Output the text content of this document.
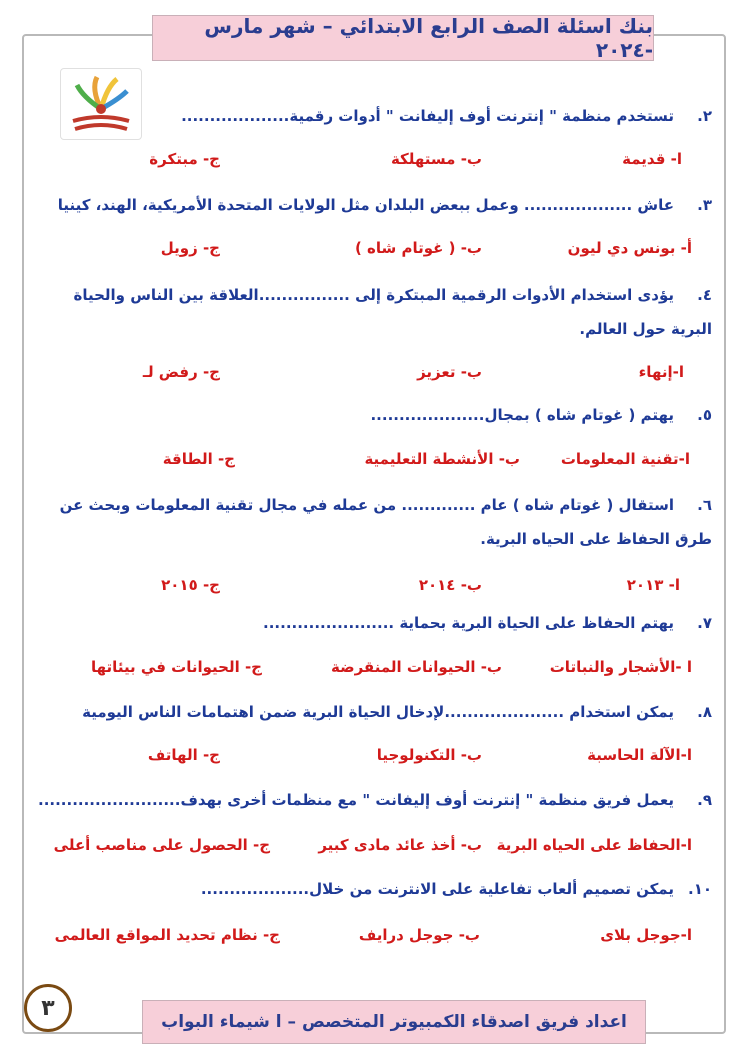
بنك اسئلة الصف الرابع الابتدائي – شهر مارس -٢٠٢٤
٢.تستخدم منظمة " إنترنت أوف إليفانت " أدوات رقمية...................
ا- قديمة
ب- مستهلكة
ج- مبتكرة
٣.عاش ................... وعمل ببعض البلدان مثل الولايات المتحدة الأمريكية، الهند، كينيا
أ- بونس دي ليون
ب- ( غوتام شاه )
ج- زويل
٤.يؤدى استخدام الأدوات الرقمية المبتكرة إلى ................العلاقة بين الناس والحياة البرية حول العالم.
ا-إنهاء
ب- تعزيز
ج- رفض لـ
٥.يهتم ( غوتام شاه ) بمجال....................
ا-تقنية المعلومات
ب- الأنشطة التعليمية
ج- الطاقة
٦.استقال ( غوتام شاه ) عام ............. من عمله في مجال تقنية المعلومات وبحث عن طرق الحفاظ على الحياه البرية.
ا- ٢٠١٣
ب- ٢٠١٤
ج- ٢٠١٥
٧.يهتم الحفاظ على الحياة البرية بحماية .......................
ا -الأشجار والنباتات
ب- الحيوانات المنقرضة
ج- الحيوانات في بيئاتها
٨.يمكن استخدام .....................لإدخال الحياة البرية ضمن اهتمامات الناس اليومية
ا-الآلة الحاسبة
ب- التكنولوجيا
ج- الهاتف
٩.يعمل فريق منظمة " إنترنت أوف إليفانت " مع منظمات أخرى بهدف.........................
ا-الحفاظ على الحياه البرية
ب- أخذ عائد مادى كبير
ج- الحصول على مناصب أعلى
١٠.يمكن تصميم ألعاب تفاعلية على الانترنت من خلال...................
ا-جوجل بلاى
ب- جوجل درايف
ج- نظام تحديد المواقع العالمى
٣
اعداد فريق اصدقاء الكمبيوتر المتخصص – ا شيماء البواب
